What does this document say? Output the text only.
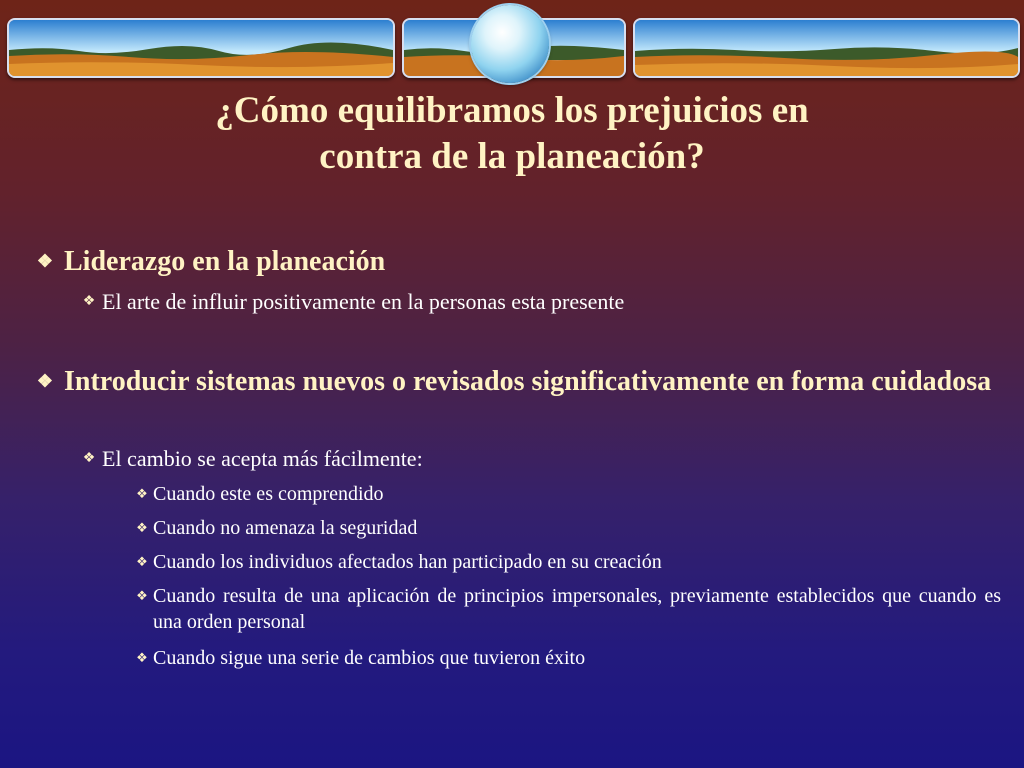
¿Cómo equilibramos los prejuicios en
contra de la planeación?
❖ Liderazgo en la planeación
❖ El arte de influir positivamente en la personas esta presente
❖ Introducir sistemas nuevos o revisados significativamente en forma cuidadosa
❖ El cambio se acepta más fácilmente:
❖ Cuando este es comprendido
❖ Cuando no amenaza la seguridad
❖ Cuando los individuos afectados han participado en su creación
❖ Cuando resulta de una aplicación de principios impersonales, previamente establecidos que cuando es una orden personal
❖ Cuando sigue una serie de cambios que tuvieron éxito
